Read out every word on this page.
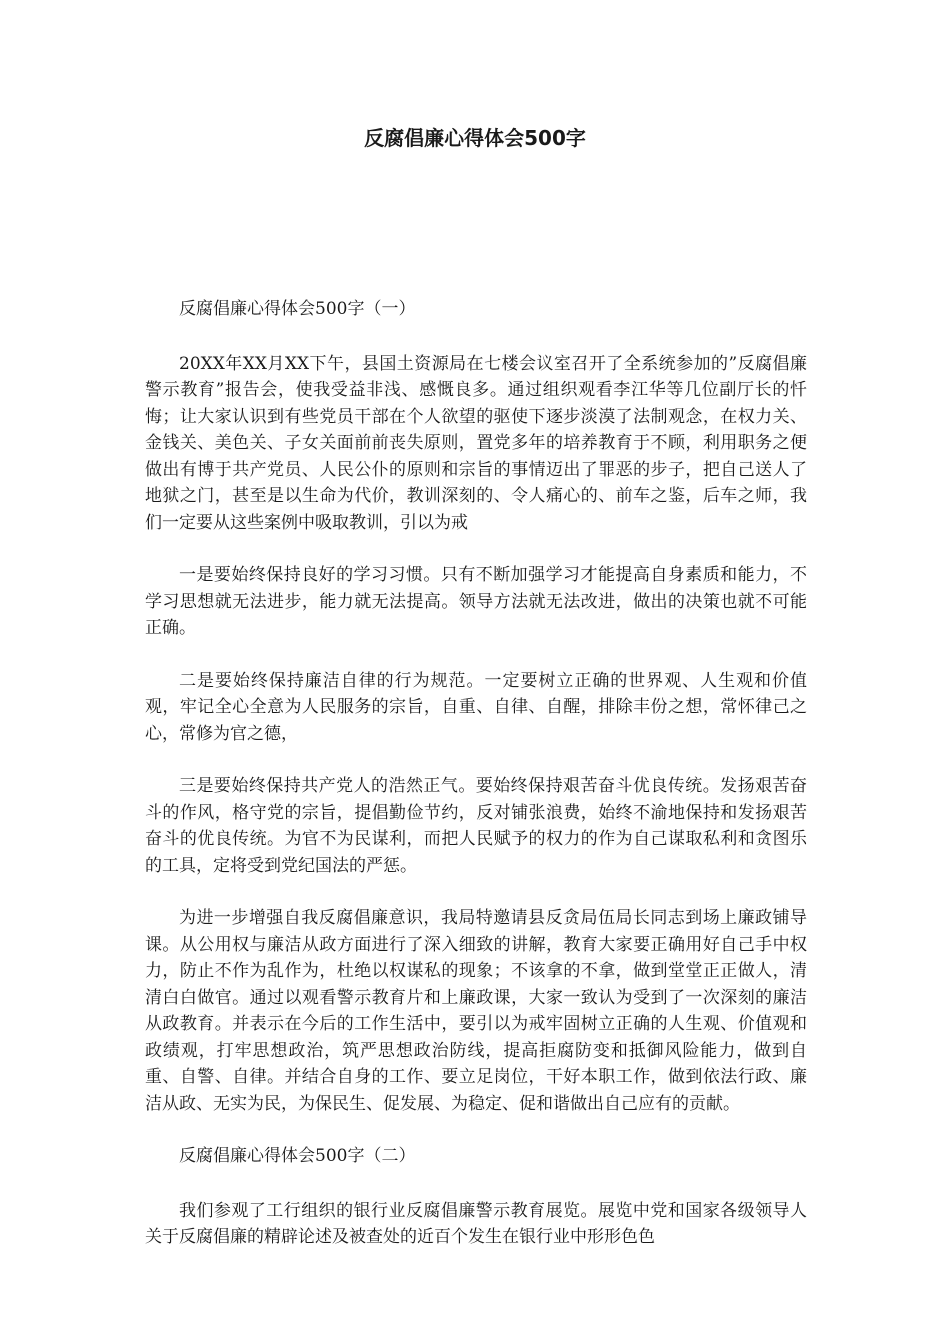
反腐倡廉心得体会500字

反腐倡廉心得体会500字（一）

20XX年XX月XX下午，县国土资源局在七楼会议室召开了全系统参加的”反腐倡廉警示教育”报告会，使我受益非浅、感慨良多。通过组织观看李江华等几位副厅长的忏悔；让大家认识到有些党员干部在个人欲望的驱使下逐步淡漠了法制观念，在权力关、金钱关、美色关、子女关面前前丧失原则，置党多年的培养教育于不顾，利用职务之便做出有博于共产党员、人民公仆的原则和宗旨的事情迈出了罪恶的步子，把自己送人了地狱之门，甚至是以生命为代价，教训深刻的、令人痛心的、前车之鉴，后车之师，我们一定要从这些案例中吸取教训，引以为戒

一是要始终保持良好的学习习惯。只有不断加强学习才能提高自身素质和能力，不学习思想就无法进步，能力就无法提高。领导方法就无法改进，做出的决策也就不可能正确。

二是要始终保持廉洁自律的行为规范。一定要树立正确的世界观、人生观和价值观，牢记全心全意为人民服务的宗旨，自重、自律、自醒，排除丰份之想，常怀律己之心，常修为官之德，

三是要始终保持共产党人的浩然正气。要始终保持艰苦奋斗优良传统。发扬艰苦奋斗的作风，格守党的宗旨，提倡勤俭节约，反对铺张浪费，始终不渝地保持和发扬艰苦奋斗的优良传统。为官不为民谋利，而把人民赋予的权力的作为自己谋取私利和贪图乐的工具，定将受到党纪国法的严惩。

为进一步增强自我反腐倡廉意识，我局特邀请县反贪局伍局长同志到场上廉政铺导课。从公用权与廉洁从政方面进行了深入细致的讲解，教育大家要正确用好自己手中权力，防止不作为乱作为，杜绝以权谋私的现象；不该拿的不拿，做到堂堂正正做人，清清白白做官。通过以观看警示教育片和上廉政课，大家一致认为受到了一次深刻的廉洁从政教育。并表示在今后的工作生活中，要引以为戒牢固树立正确的人生观、价值观和政绩观，打牢思想政治，筑严思想政治防线，提高拒腐防变和抵御风险能力，做到自重、自警、自律。并结合自身的工作、要立足岗位，干好本职工作，做到依法行政、廉洁从政、无实为民，为保民生、促发展、为稳定、促和谐做出自己应有的贡献。

反腐倡廉心得体会500字（二）

我们参观了工行组织的银行业反腐倡廉警示教育展览。展览中党和国家各级领导人关于反腐倡廉的精辟论述及被查处的近百个发生在银行业中形形色色
